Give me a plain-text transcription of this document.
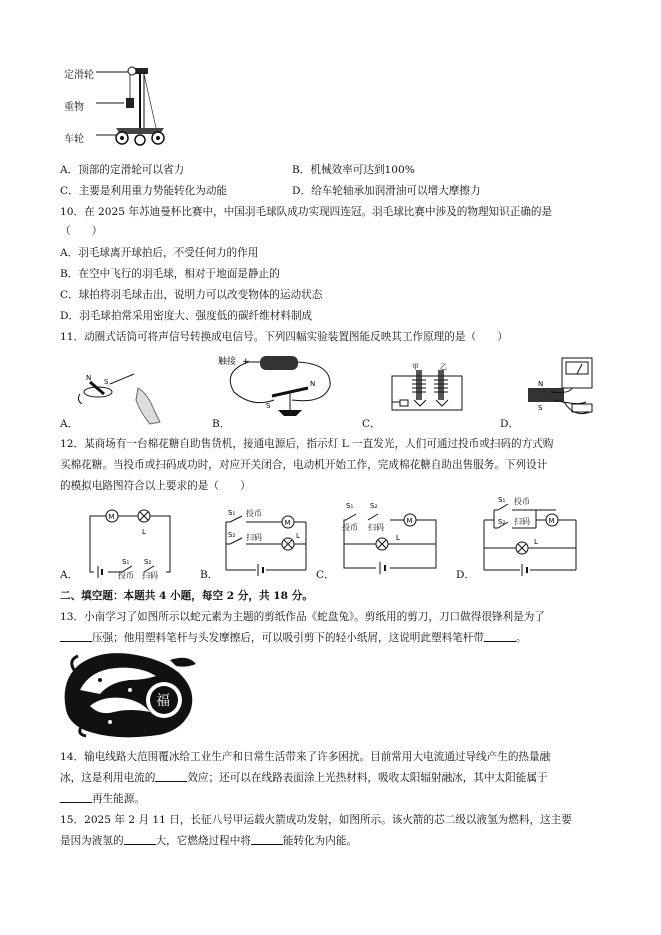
定滑轮
重物
车轮
A．顶部的定滑轮可以省力	B．机械效率可达到100%
C．主要是利用重力势能转化为动能	D．给车轮轴承加润滑油可以增大摩擦力
10．在 2025 年苏迪曼杯比赛中，中国羽毛球队成功实现四连冠。羽毛球比赛中涉及的物理知识正确的是
（　　）
A．羽毛球离开球拍后，不受任何力的作用
B．在空中飞行的羽毛球，相对于地面是静止的
C．球拍将羽毛球击出，说明力可以改变物体的运动状态
D．羽毛球拍常采用密度大、强度低的碳纤维材料制成
11．动圈式话筒可将声信号转换成电信号。下列四幅实验装置图能反映其工作原理的是（　　）
N S
A．
触接 +
S
N
B．
甲	乙
C．
N
S
D．
12．某商场有一台棉花糖自助售货机，接通电源后，指示灯 L 一直发光，人们可通过投币或扫码的方式购
买棉花糖。当投币或扫码成功时，对应开关闭合，电动机开始工作，完成棉花糖自助出售服务。下列设计
的模拟电路图符合以上要求的是（　　）
M
L
S₁ S₂
投币 扫码
A．
M
L
S₁
S₂
投币
扫码
B．
S₁ S₂
M
L
投币 扫码
C．
M
S₁
S₂
L
投币
扫码
D．
二、填空题：本题共 4 小题，每空 2 分，共 18 分。
13．小南学习了如图所示以蛇元素为主题的剪纸作品《蛇盘兔》。剪纸用的剪刀，刀口做得很锋利是为了
压强；他用塑料笔杆与头发摩擦后，可以吸引剪下的轻小纸屑，这说明此塑料笔杆带	。
福
14．输电线路大范围覆冰给工业生产和日常生活带来了许多困扰。目前常用大电流通过导线产生的热量融
冰，这是利用电流的	效应；还可以在线路表面涂上光热材料，吸收太阳辐射融冰，其中太阳能属于
再生能源。
15．2025 年 2 月 11 日，长征八号甲运载火箭成功发射，如图所示。该火箭的芯二级以液氢为燃料，这主要
是因为液氢的	大，它燃烧过程中将	能转化为内能。
